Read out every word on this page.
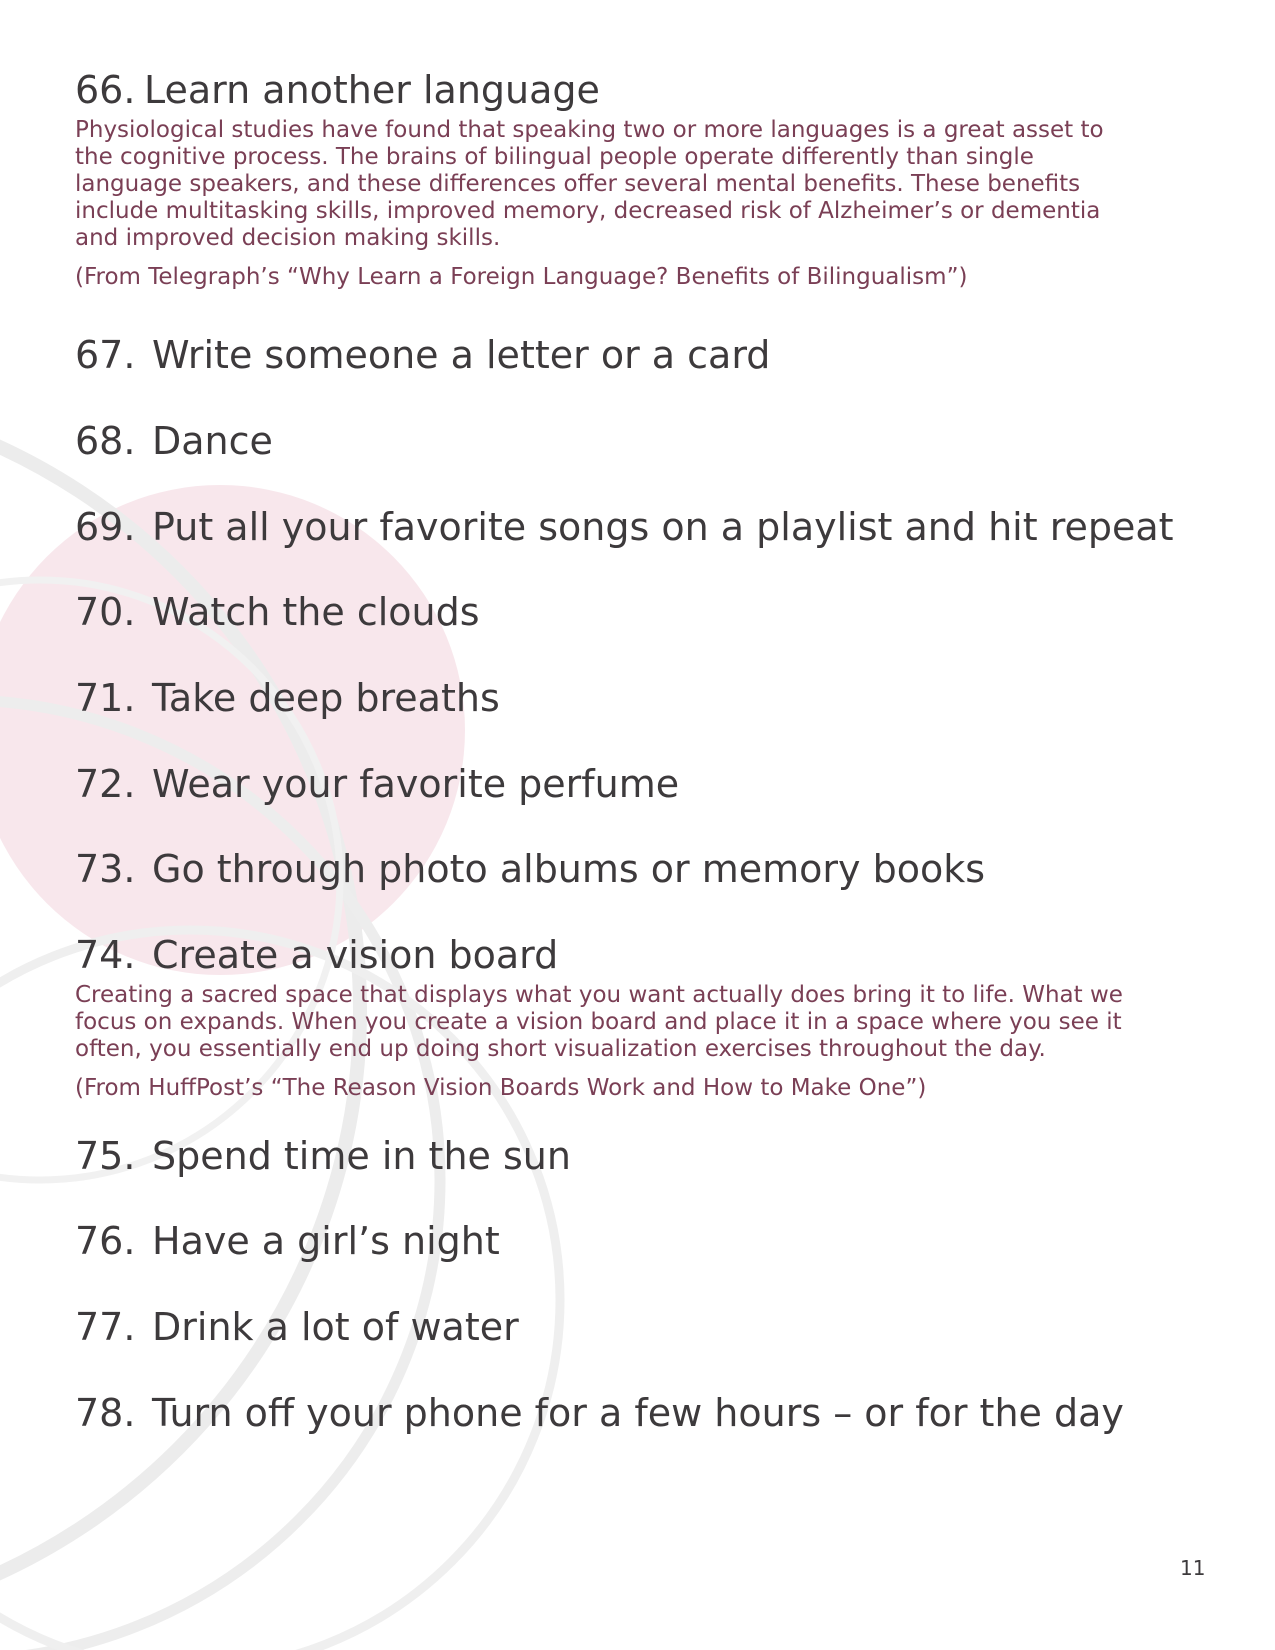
66. Learn another language

Physiological studies have found that speaking two or more languages is a great asset to
the cognitive process. The brains of bilingual people operate differently than single
language speakers, and these differences offer several mental benefits. These benefits
include multitasking skills, improved memory, decreased risk of Alzheimer’s or dementia
and improved decision making skills.

(From Telegraph’s “Why Learn a Foreign Language? Benefits of Bilingualism”)

67. Write someone a letter or a card
68. Dance
69. Put all your favorite songs on a playlist and hit repeat
70. Watch the clouds
71. Take deep breaths
72. Wear your favorite perfume
73. Go through photo albums or memory books
74. Create a vision board

Creating a sacred space that displays what you want actually does bring it to life. What we
focus on expands. When you create a vision board and place it in a space where you see it
often, you essentially end up doing short visualization exercises throughout the day.

(From HuffPost’s “The Reason Vision Boards Work and How to Make One”)

75. Spend time in the sun
76. Have a girl’s night
77. Drink a lot of water
78. Turn off your phone for a few hours – or for the day
11
